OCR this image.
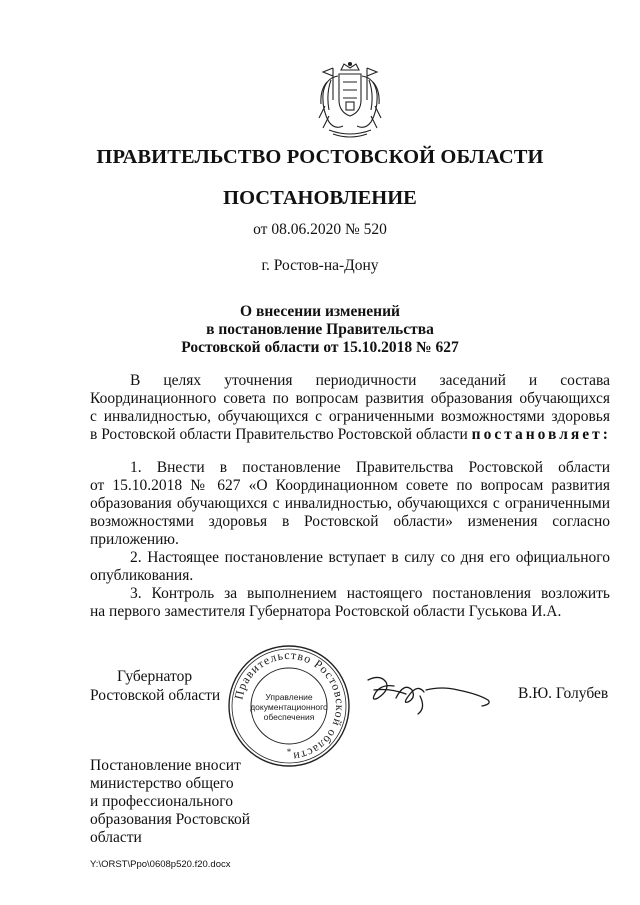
ПРАВИТЕЛЬСТВО РОСТОВСКОЙ ОБЛАСТИ
ПОСТАНОВЛЕНИЕ
от 08.06.2020 № 520
г. Ростов-на-Дону
О внесении изменений
в постановление Правительства
Ростовской области от 15.10.2018 № 627
В целях уточнения периодичности заседаний и состава
Координационного совета по вопросам развития образования обучающихся
с инвалидностью, обучающихся с ограниченными возможностями здоровья
в Ростовской области Правительство Ростовской области постановляет:
1. Внести в постановление Правительства Ростовской области
от 15.10.2018 № 627 «О Координационном совете по вопросам развития
образования обучающихся с инвалидностью, обучающихся с ограниченными
возможностями здоровья в Ростовской области» изменения согласно
приложению.
2. Настоящее постановление вступает в силу со дня его официального
опубликования.
3. Контроль за выполнением настоящего постановления возложить
на первого заместителя Губернатора Ростовской области Гуськова И.А.
Губернатор
Ростовской области Правительство Ростовской области
Управление
документационного
обеспечения
*
В.Ю. Голубев
Постановление вносит
министерство общего
и профессионального
образования Ростовской
области
Y:\ORST\Ppo\0608p520.f20.docx
